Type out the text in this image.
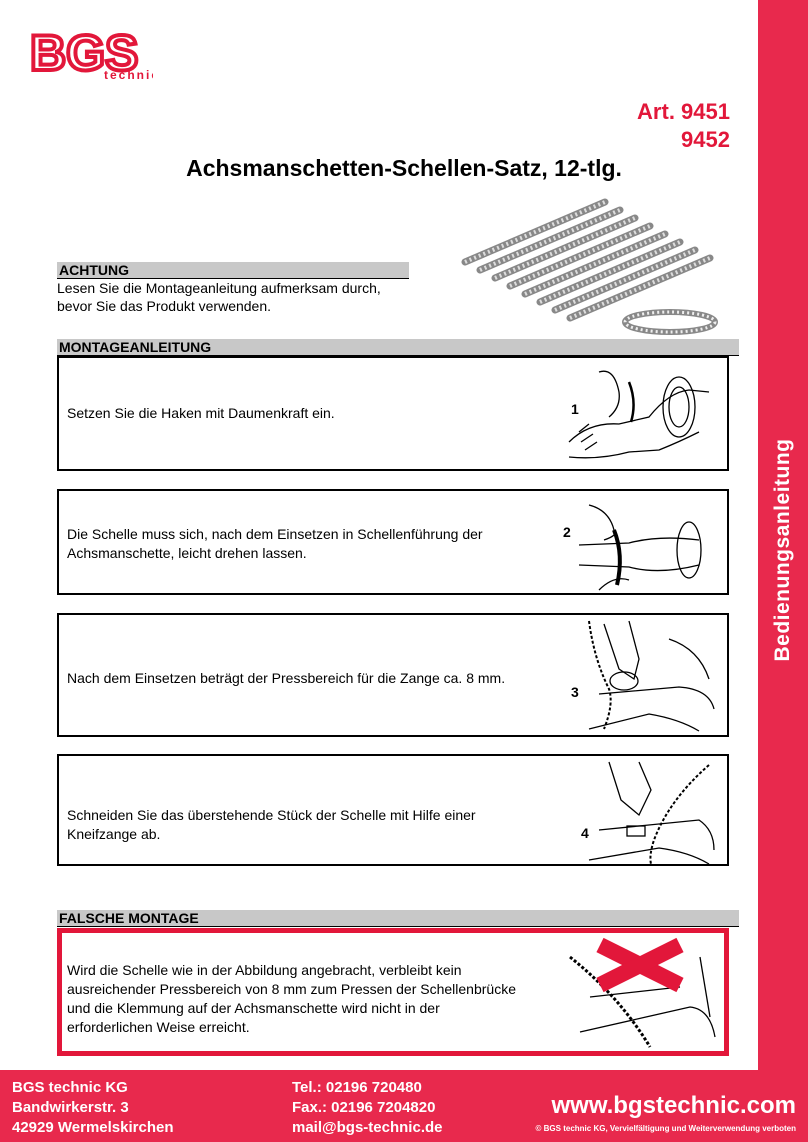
BGS
techni
Art. 9451
9452
Achsmanschetten-Schellen-Satz, 12-tlg.
ACHTUNG
Lesen Sie die Montageanleitung aufmerksam durch,
bevor Sie das Produkt verwenden.
MONTAGEANLEITUNG
Setzen Sie die Haken mit Daumenkraft ein.	1
Die Schelle muss sich, nach dem Einsetzen in Schellenführung der
Achsmanschette, leicht drehen lassen.
2
Nach dem Einsetzen beträgt der Pressbereich für die Zange ca. 8 mm.
3
Schneiden Sie das überstehende Stück der Schelle mit Hilfe einer
Kneifzange ab.	4
FALSCHE MONTAGE
Wird die Schelle wie in der Abbildung angebracht, verbleibt kein
ausreichender Pressbereich von 8 mm zum Pressen der Schellenbrücke
und die Klemmung auf der Achsmanschette wird nicht in der
erforderlichen Weise erreicht.
Bedienungsanleitung
BGS technic KG
Bandwirkerstr. 3
42929 Wermelskirchen
Tel.: 02196 720480
Fax.: 02196 7204820
mail@bgs-technic.de
www.bgstechnic.com
© BGS technic KG, Vervielfältigung und Weiterverwendung verboten
